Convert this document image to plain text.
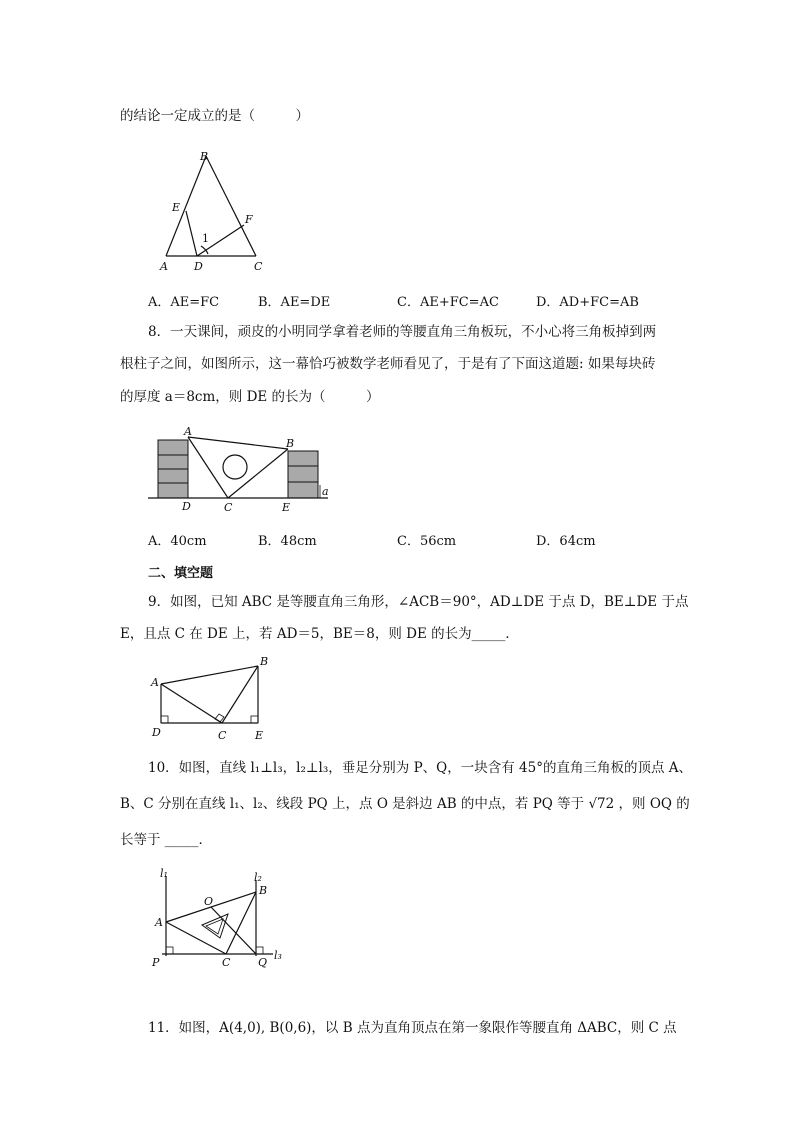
的结论一定成立的是（　　　）
B
E
F
1
A D	C
A．AE=FC	B．AE=DE	C．AE+FC=AC	D．AD+FC=AB
8．一天课间，顽皮的小明同学拿着老师的等腰直角三角板玩，不小心将三角板掉到两
根柱子之间，如图所示，这一幕恰巧被数学老师看见了，于是有了下面这道题: 如果每块砖
的厚度 a＝8cm，则 DE 的长为（　　　）
A
B
D	C	E
a
A．40cm	B．48cm	C．56cm	D．64cm
二、填空题
9．如图，已知 ABC 是等腰直角三角形，∠ACB＝90°，AD⊥DE 于点 D，BE⊥DE 于点
E，且点 C 在 DE 上，若 AD＝5，BE＝8，则 DE 的长为_____．
A
B
D	C	E
10．如图，直线 l₁⊥l₃，l₂⊥l₃，垂足分别为 P、Q，一块含有 45°的直角三角板的顶点 A、
B、C 分别在直线 l₁、l₂、线段 PQ 上，点 O 是斜边 AB 的中点，若 PQ 等于 √72 ，则 OQ 的
长等于 _____．
l₁	l₂
B
O
A
P	C	Q
l₃
11．如图，A(4,0), B(0,6)，以 B 点为直角顶点在第一象限作等腰直角 ΔABC，则 C 点
